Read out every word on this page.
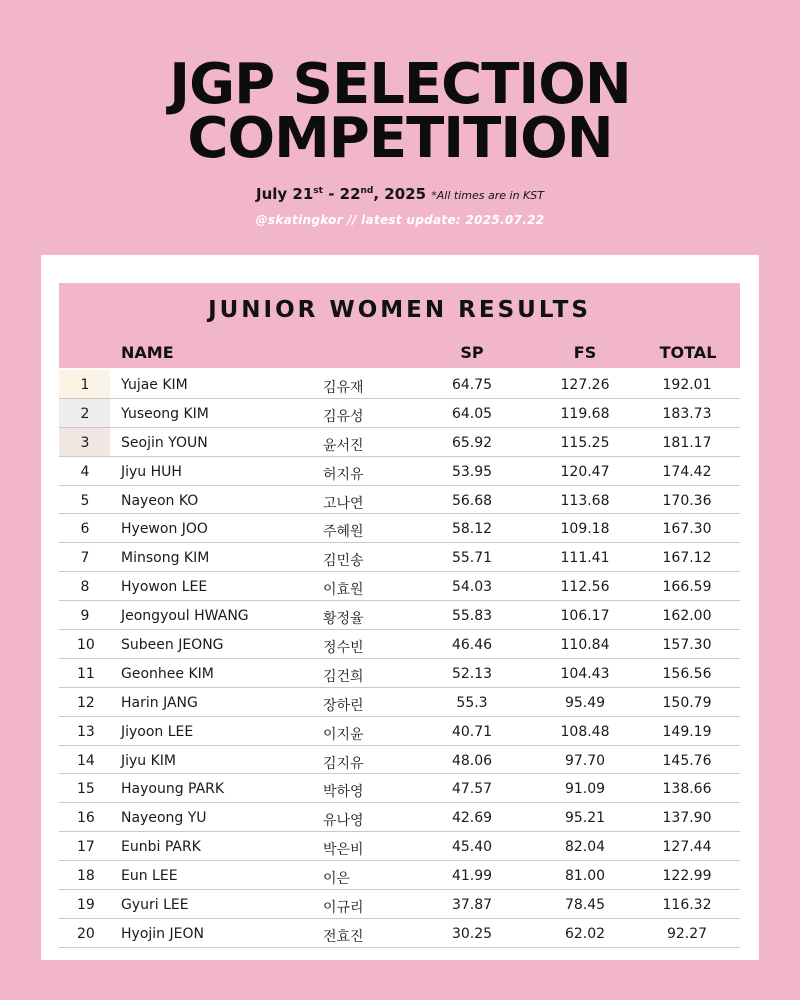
JGP SELECTION
COMPETITION
July 21st - 22nd, 2025 *All times are in KST
@skatingkor // latest update: 2025.07.22
JUNIOR WOMEN RESULTS
NAME	SP	FS	TOTAL
1 Yujae KIM	김유재	64.75	127.26	192.01
2 Yuseong KIM	김유성	64.05	119.68	183.73
3 Seojin YOUN	윤서진	65.92	115.25	181.17
4 Jiyu HUH	허지유	53.95	120.47	174.42
5 Nayeon KO	고나연	56.68	113.68	170.36
6 Hyewon JOO	주혜원	58.12	109.18	167.30
7 Minsong KIM	김민송	55.71	111.41	167.12
8 Hyowon LEE	이효원	54.03	112.56	166.59
9 Jeongyoul HWANG	황정율	55.83	106.17	162.00
10 Subeen JEONG	정수빈	46.46	110.84	157.30
11 Geonhee KIM	김건희	52.13	104.43	156.56
12 Harin JANG	장하린	55.3	95.49	150.79
13 Jiyoon LEE	이지윤	40.71	108.48	149.19
14 Jiyu KIM	김지유	48.06	97.70	145.76
15 Hayoung PARK	박하영	47.57	91.09	138.66
16 Nayeong YU	유나영	42.69	95.21	137.90
17 Eunbi PARK	박은비	45.40	82.04	127.44
18 Eun LEE	이은	41.99	81.00	122.99
19 Gyuri LEE	이규리	37.87	78.45	116.32
20 Hyojin JEON	전효진	30.25	62.02	92.27
